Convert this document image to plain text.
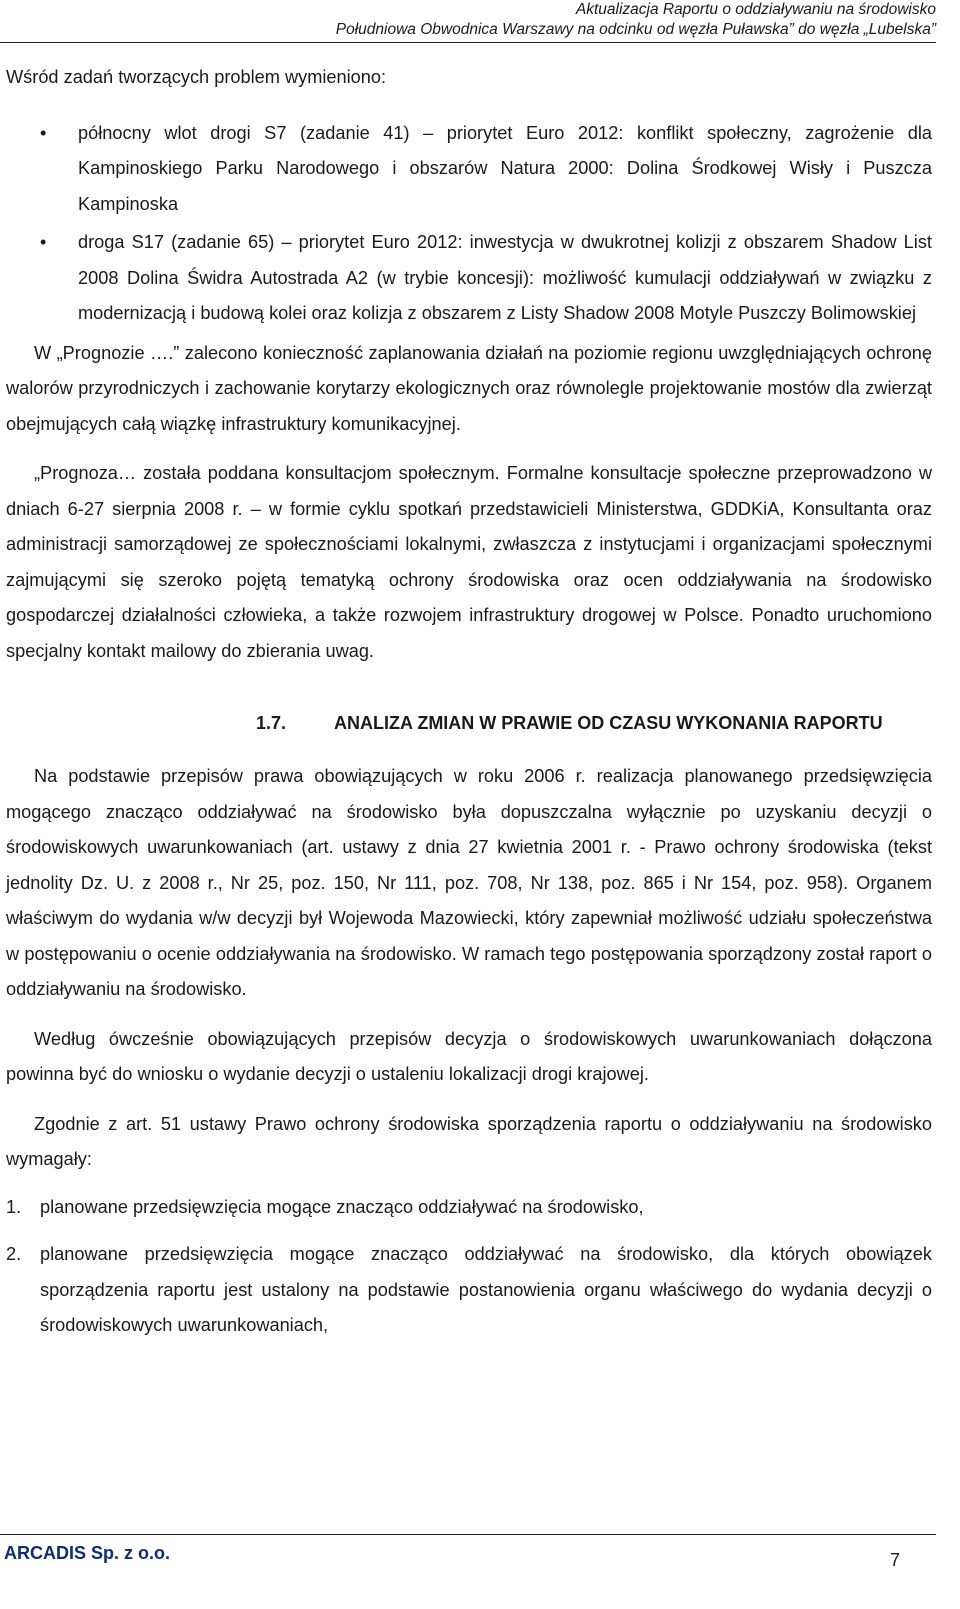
Aktualizacja Raportu o oddziaływaniu na środowisko
Południowa Obwodnica Warszawy na odcinku od węzła Puławska” do węzła „Lubelska”

Wśród zadań tworzących problem wymieniono:

• północny wlot drogi S7 (zadanie 41) – priorytet Euro 2012: konflikt społeczny, zagrożenie dla Kampinoskiego Parku Narodowego i obszarów Natura 2000: Dolina Środkowej Wisły i Puszcza Kampinoska
• droga S17 (zadanie 65) – priorytet Euro 2012: inwestycja w dwukrotnej kolizji z obszarem Shadow List 2008 Dolina Świdra Autostrada A2 (w trybie koncesji): możliwość kumulacji oddziaływań w związku z modernizacją i budową kolei oraz kolizja z obszarem z Listy Shadow 2008 Motyle Puszczy Bolimowskiej

W „Progno​zie ….” zalecono konieczność zaplanowania działań na poziomie regionu uwzględniających ochronę walorów przyrodniczych i zachowanie korytarzy ekologicznych oraz równolegle projektowanie mostów dla zwierząt obejmujących całą wiązkę infrastruktury komunikacyjnej.

„Progno​za… została poddana konsultacjom społecznym. Formalne konsultacje społeczne przeprowadzono w dniach 6-27 sierpnia 2008 r. – w formie cyklu spotkań przedstawicieli Ministerstwa, GDDKiA, Konsultanta oraz administracji samorządowej ze społecznościami lokalnymi, zwłaszcza z instytucjami i organizacjami społecznymi zajmującymi się szeroko pojętą tematyką ochrony środowiska oraz ocen oddziaływania na środowisko gospodarczej działalności człowieka, a także rozwojem infrastruktury drogowej w Polsce. Ponadto uruchomiono specjalny kontakt mailowy do zbierania uwag.

1.7.	ANALIZA ZMIAN W PRAWIE OD CZASU WYKONANIA RAPORTU

Na podstawie przepisów prawa obowiązujących w roku 2006 r. realizacja planowanego przedsięwzięcia mogącego znacząco oddziaływać na środowisko była dopuszczalna wyłącznie po uzyskaniu decyzji o środowiskowych uwarunkowaniach (art. ustawy z dnia 27 kwietnia 2001 r. - Prawo ochrony środowiska (tekst jednolity Dz. U. z 2008 r., Nr 25, poz. 150, Nr 111, poz. 708, Nr 138, poz. 865 i Nr 154, poz. 958). Organem właściwym do wydania w/w decyzji był Wojewoda Mazowiecki, który zapewniał możliwość udziału społeczeństwa w postępowaniu o ocenie oddziaływania na środowisko. W ramach tego postępowania sporządzony został raport o oddziaływaniu na środowisko.

Według ówcześnie obowiązujących przepisów decyzja o środowiskowych uwarunkowaniach dołączona powinna być do wniosku o wydanie decyzji o ustaleniu lokalizacji drogi krajowej.

Zgodnie z art. 51 ustawy Prawo ochrony środowiska sporządzenia raportu o oddziaływaniu na środowisko wymagały:

1. planowane przedsięwzięcia mogące znacząco oddziaływać na środowisko,
2. planowane przedsięwzięcia mogące znacząco oddziaływać na środowisko, dla których obowiązek sporządzenia raportu jest ustalony na podstawie postanowienia organu właściwego do wydania decyzji o środowiskowych uwarunkowaniach,
ARCADIS Sp. z o.o.	7
